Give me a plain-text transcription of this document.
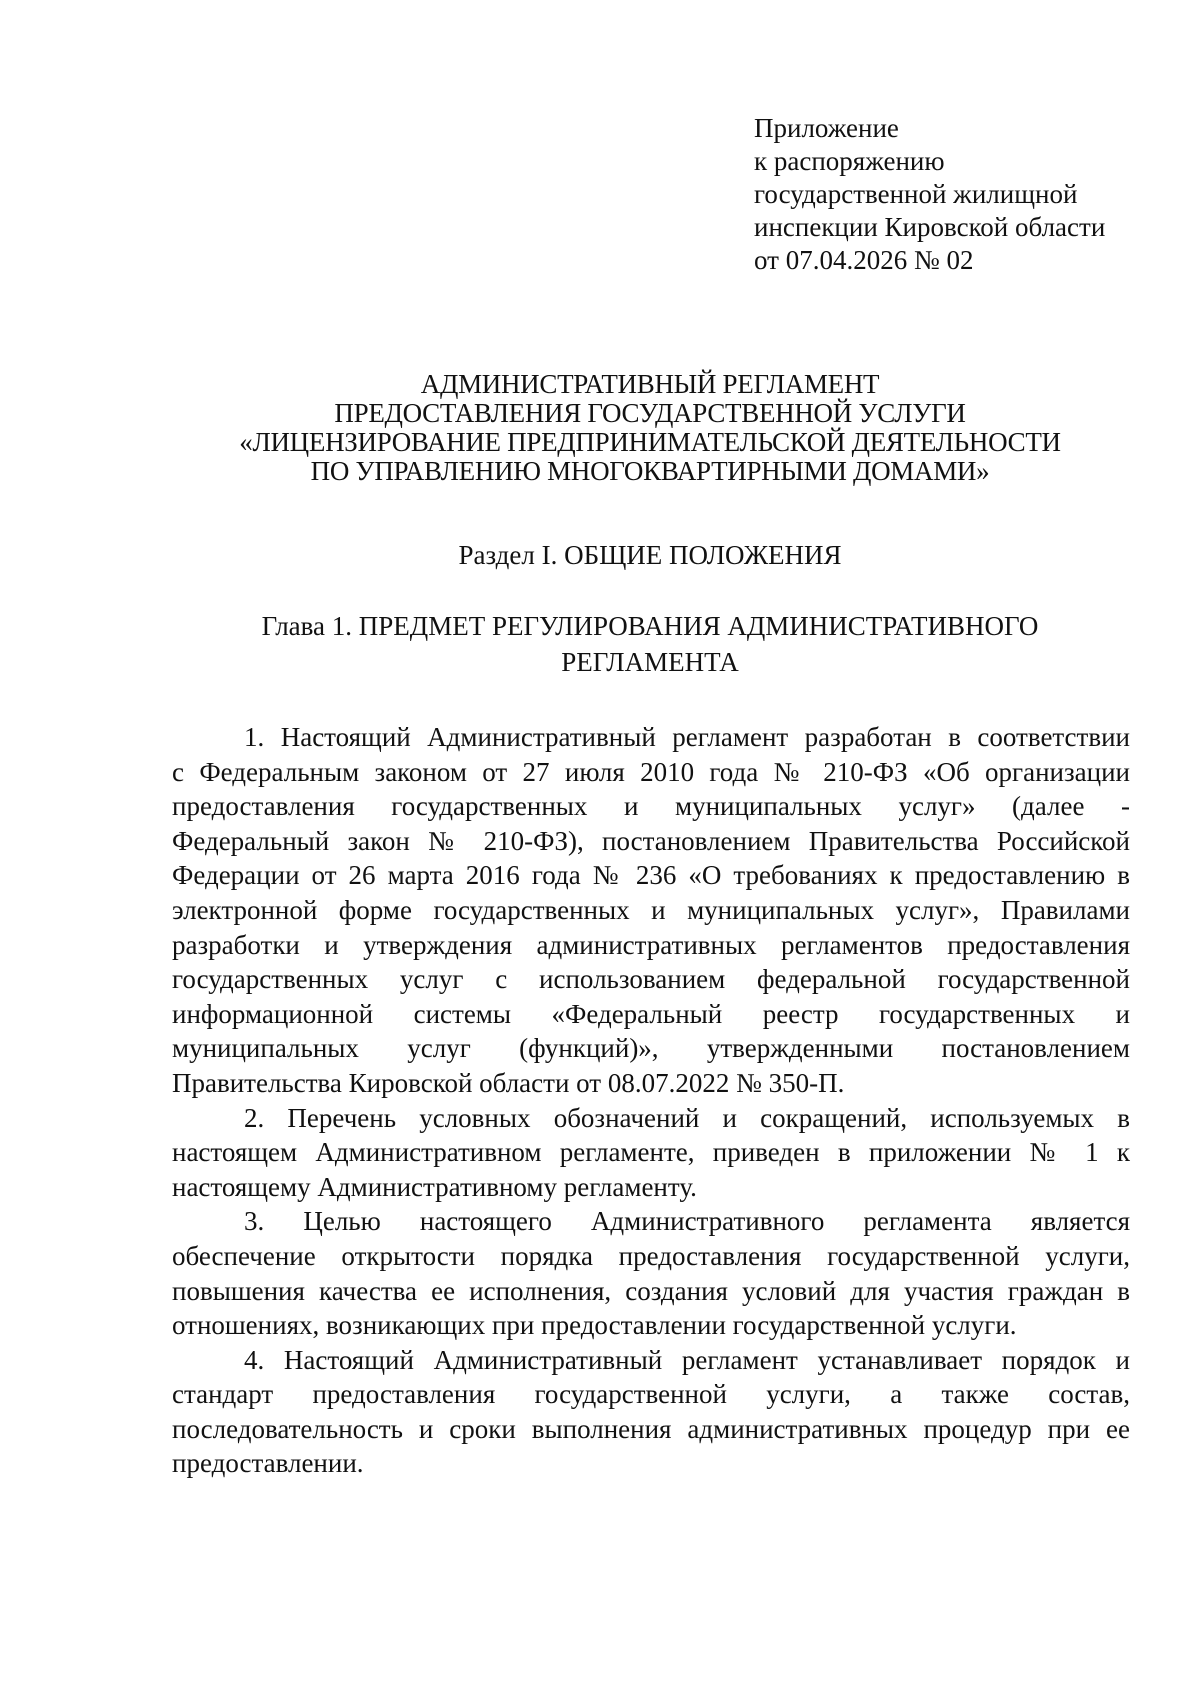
Приложение
к распоряжению
государственной жилищной
инспекции Кировской области
от 07.04.2026 № 02
АДМИНИСТРАТИВНЫЙ РЕГЛАМЕНТ
ПРЕДОСТАВЛЕНИЯ ГОСУДАРСТВЕННОЙ УСЛУГИ
«ЛИЦЕНЗИРОВАНИЕ ПРЕДПРИНИМАТЕЛЬСКОЙ ДЕЯТЕЛЬНОСТИ
ПО УПРАВЛЕНИЮ МНОГОКВАРТИРНЫМИ ДОМАМИ»
Раздел I. ОБЩИЕ ПОЛОЖЕНИЯ
Глава 1. ПРЕДМЕТ РЕГУЛИРОВАНИЯ АДМИНИСТРАТИВНОГО
РЕГЛАМЕНТА
1. Настоящий Административный регламент разработан в соответствии
с Федеральным законом от 27 июля 2010 года № 210-ФЗ «Об организации
предоставления государственных и муниципальных услуг» (далее -
Федеральный закон № 210-ФЗ), постановлением Правительства Российской
Федерации от 26 марта 2016 года № 236 «О требованиях к предоставлению в
электронной форме государственных и муниципальных услуг», Правилами
разработки и утверждения административных регламентов предоставления
государственных услуг с использованием федеральной государственной
информационной системы «Федеральный реестр государственных и
муниципальных услуг (функций)», утвержденными постановлением
Правительства Кировской области от 08.07.2022 № 350-П.
2. Перечень условных обозначений и сокращений, используемых в
настоящем Административном регламенте, приведен в приложении № 1 к
настоящему Административному регламенту.
3. Целью настоящего Административного регламента является
обеспечение открытости порядка предоставления государственной услуги,
повышения качества ее исполнения, создания условий для участия граждан в
отношениях, возникающих при предоставлении государственной услуги.
4. Настоящий Административный регламент устанавливает порядок и
стандарт предоставления государственной услуги, а также состав,
последовательность и сроки выполнения административных процедур при ее
предоставлении.
